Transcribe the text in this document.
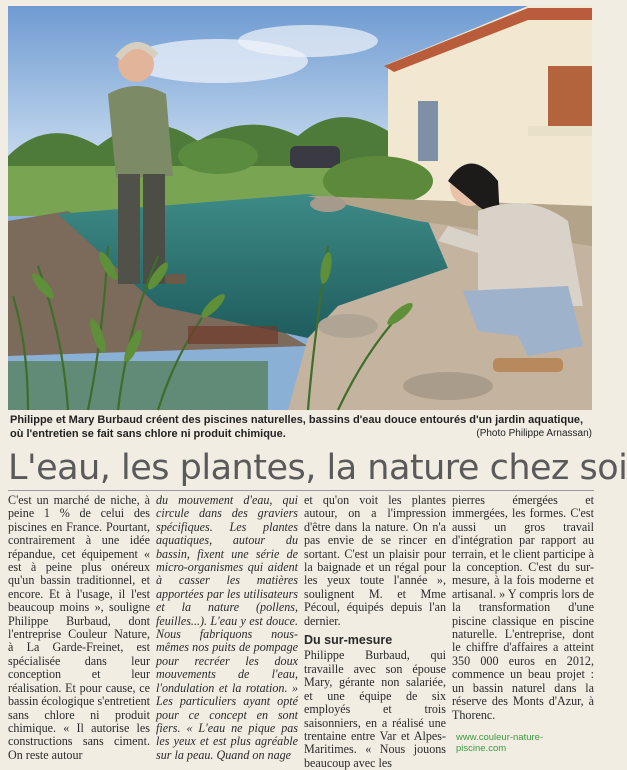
Philippe et Mary Burbaud créent des piscines naturelles, bassins d'eau douce entourés d'un jardin aquatique, où l'entretien se fait sans chlore ni produit chimique.	(Photo Philippe Arnassan)
L'eau, les plantes, la nature chez soi

C'est un marché de niche, à peine 1 % de celui des piscines en France. Pourtant, contrairement à une idée répandue, cet équipement « est à peine plus onéreux qu'un bassin traditionnel, et encore. Et à l'usage, il l'est beaucoup moins », souligne Philippe Burbaud, dont l'entreprise Couleur Nature, à La Garde-Freinet, est spécialisée dans leur conception et leur réalisation. Et pour cause, ce bassin écologique s'entretient sans chlore ni produit chimique. « Il autorise les constructions sans ciment. On reste autour

du mouvement d'eau, qui circule dans des graviers spécifiques. Les plantes aquatiques, autour du bassin, fixent une série de micro-organismes qui aident à casser les matières apportées par les utilisateurs et la nature (pollens, feuilles...). L'eau y est douce. Nous fabriquons nous-mêmes nos puits de pompage pour recréer les doux mouvements de l'eau, l'ondulation et la rotation. » Les particuliers ayant opté pour ce concept en sont fiers. « L'eau ne pique pas les yeux et est plus agréable sur la peau. Quand on nage

et qu'on voit les plantes autour, on a l'impression d'être dans la nature. On n'a pas envie de se rincer en sortant. C'est un plaisir pour la baignade et un régal pour les yeux toute l'année », soulignent M. et Mme Pécoul, équipés depuis l'an dernier.

Du sur-mesure

Philippe Burbaud, qui travaille avec son épouse Mary, gérante non salariée, et une équipe de six employés et trois saisonniers, en a réalisé une trentaine entre Var et Alpes-Maritimes. « Nous jouons beaucoup avec les

pierres émergées et immergées, les formes. C'est aussi un gros travail d'intégration par rapport au terrain, et le client participe à la conception. C'est du sur-mesure, à la fois moderne et artisanal. » Y compris lors de la transformation d'une piscine classique en piscine naturelle. L'entreprise, dont le chiffre d'affaires a atteint 350 000 euros en 2012, commence un beau projet : un bassin naturel dans la réserve des Monts d'Azur, à Thorenc.

www.couleur-nature-piscine.com
